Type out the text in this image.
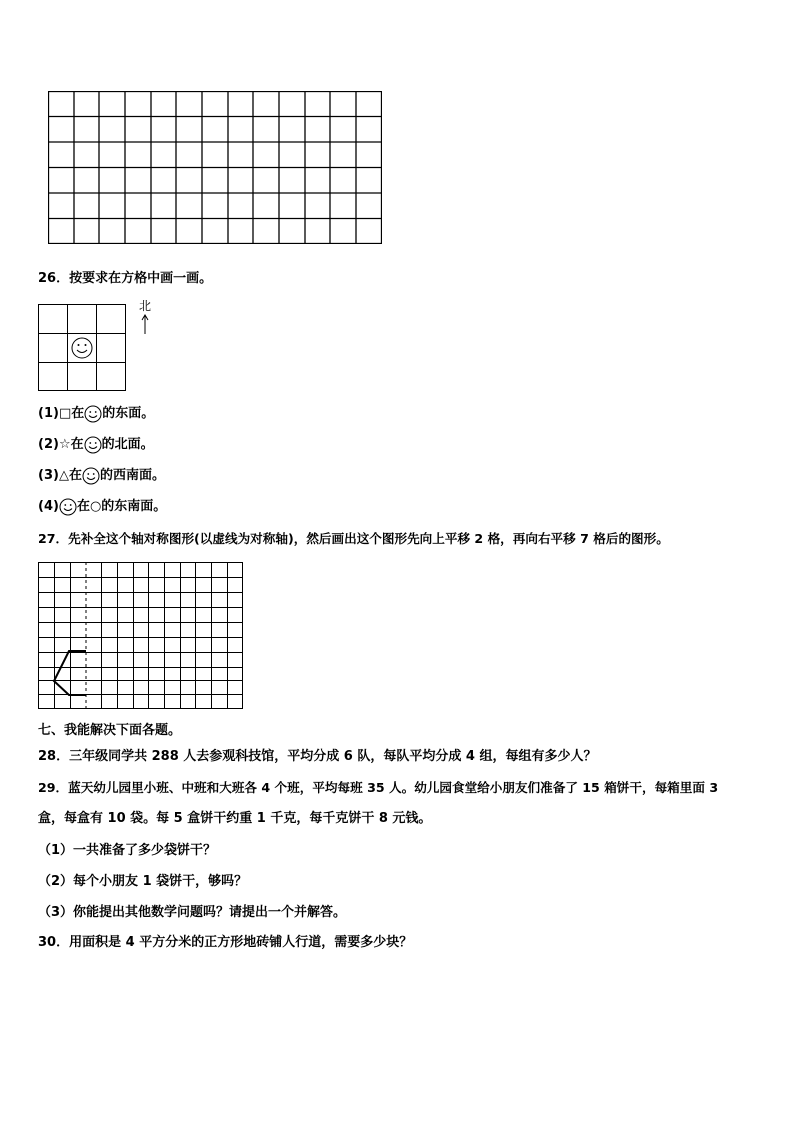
26．按要求在方格中画一画。
北
(1) □ 在 的东面。
(2) ☆ 在 的北面。
(3) △ 在 的西南面。
(4) 在○的东南面。
27．先补全这个轴对称图形(以虚线为对称轴)，然后画出这个图形先向上平移 2 格，再向右平移 7 格后的图形。
七、我能解决下面各题。
28．三年级同学共 288 人去参观科技馆，平均分成 6 队，每队平均分成 4 组，每组有多少人？
29．蓝天幼儿园里小班、中班和大班各 4 个班，平均每班 35 人。幼儿园食堂给小朋友们准备了 15 箱饼干，每箱里面 3
盒，每盒有 10 袋。每 5 盒饼干约重 1 千克，每千克饼干 8 元钱。
（1）一共准备了多少袋饼干？
（2）每个小朋友 1 袋饼干，够吗？
（3）你能提出其他数学问题吗？请提出一个并解答。
30．用面积是 4 平方分米的正方形地砖铺人行道，需要多少块？
